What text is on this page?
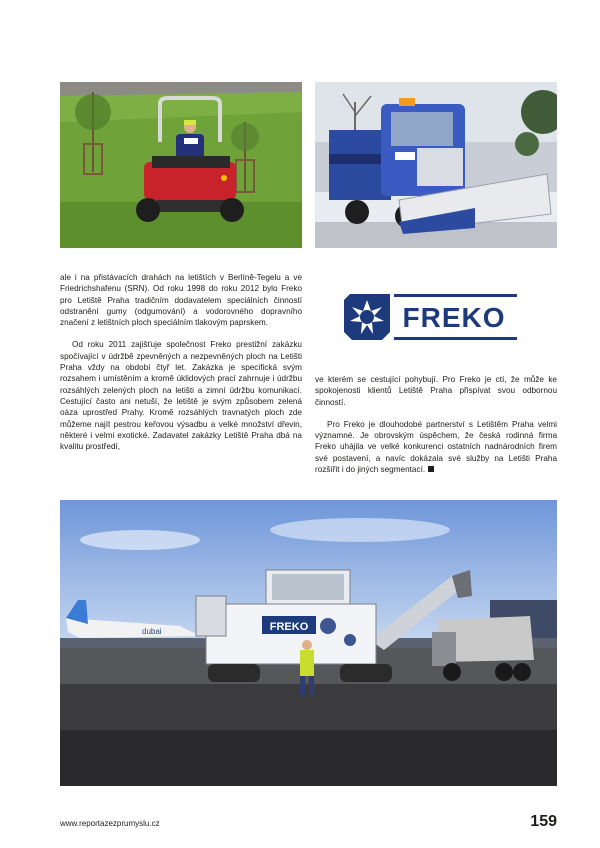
ale i na přistávacích drahách na letištích v Berlíně-Tegelu a ve Friedrichshafenu (SRN). Od roku 1998 do roku 2012 bylo Freko pro Letiště Praha tradičním dodavatelem speciálních činností odstranění gumy (odgumování) a vodorovného dopravního značení z letištních ploch speciálním tlakovým paprskem.

Od roku 2011 zajišťuje společnost Freko prestižní zakázku spočívající v údržbě zpevněných a nezpevněných ploch na Letišti Praha vždy na období čtyř let. Zakázka je specifická svým rozsahem i umístěním a kromě úklidových prací zahrnuje i údržbu rozsáhlých zelených ploch na letišti a zimní údržbu komunikací. Cestující často ani netuší, že letiště je svým způsobem zelená oáza uprostřed Prahy. Kromě rozsáhlých travnatých ploch zde můžeme najít pestrou keřovou výsadbu a velké množství dřevin, některé i velmi exotické. Zadavatel zakázky Letiště Praha dbá na kvalitu prostředí,

FREKO

ve kterém se cestující pohybují. Pro Freko je ctí, že může ke spokojenosti klientů Letiště Praha přispívat svou odbornou činností.

Pro Freko je dlouhodobé partnerství s Letištěm Praha velmi významné. Je obrovským úspěchem, že česká rodinná firma Freko uhájila ve velké konkurenci ostatních nadnárodních firem své postavení, a navíc dokázala své služby na Letišti Praha rozšířit i do jiných segmentací.

dubai	FREKO
www.reportazezprumyslu.cz	159
